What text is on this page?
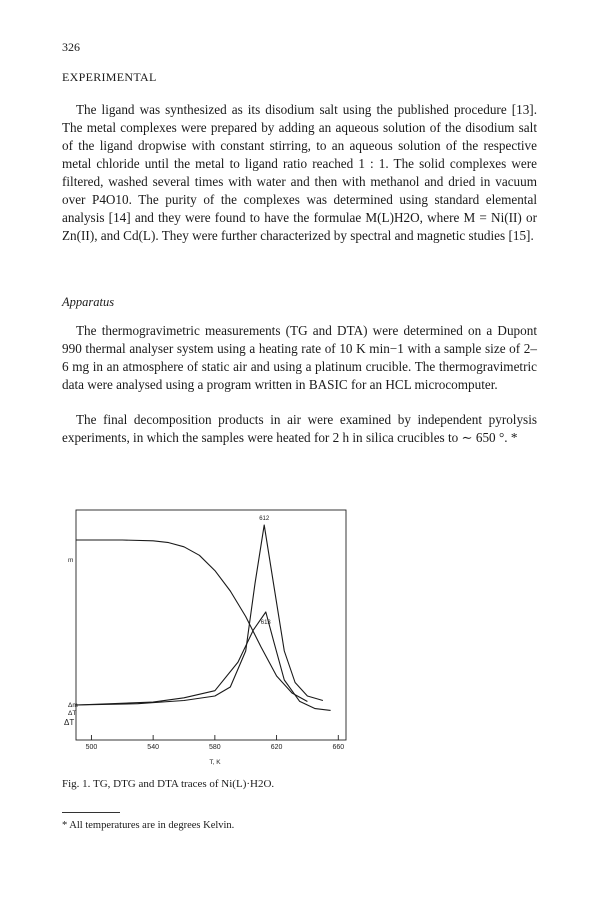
326
EXPERIMENTAL

The ligand was synthesized as its disodium salt using the published procedure [13]. The metal complexes were prepared by adding an aqueous solution of the disodium salt of the ligand dropwise with constant stirring, to an aqueous solution of the respective metal chloride until the metal to ligand ratio reached 1 : 1. The solid complexes were filtered, washed several times with water and then with methanol and dried in vacuum over P4O10. The purity of the complexes was determined using standard elemental analysis [14] and they were found to have the formulae M(L)H2O, where M = Ni(II) or Zn(II), and Cd(L). They were further characterized by spectral and magnetic studies [15].

Apparatus

The thermogravimetric measurements (TG and DTA) were determined on a Dupont 990 thermal analyser system using a heating rate of 10 K min−1 with a sample size of 2–6 mg in an atmosphere of static air and using a platinum crucible. The thermogravimetric data were analysed using a program written in BASIC for an HCL microcomputer.

The final decomposition products in air were examined by independent pyrolysis experiments, in which the samples were heated for 2 h in silica crucibles to ∼ 650 °. *

500	540	580	620	660
T, K
m
Δm
ΔT
ΔT
612
613
Fig. 1. TG, DTG and DTA traces of Ni(L)·H2O.
* All temperatures are in degrees Kelvin.
